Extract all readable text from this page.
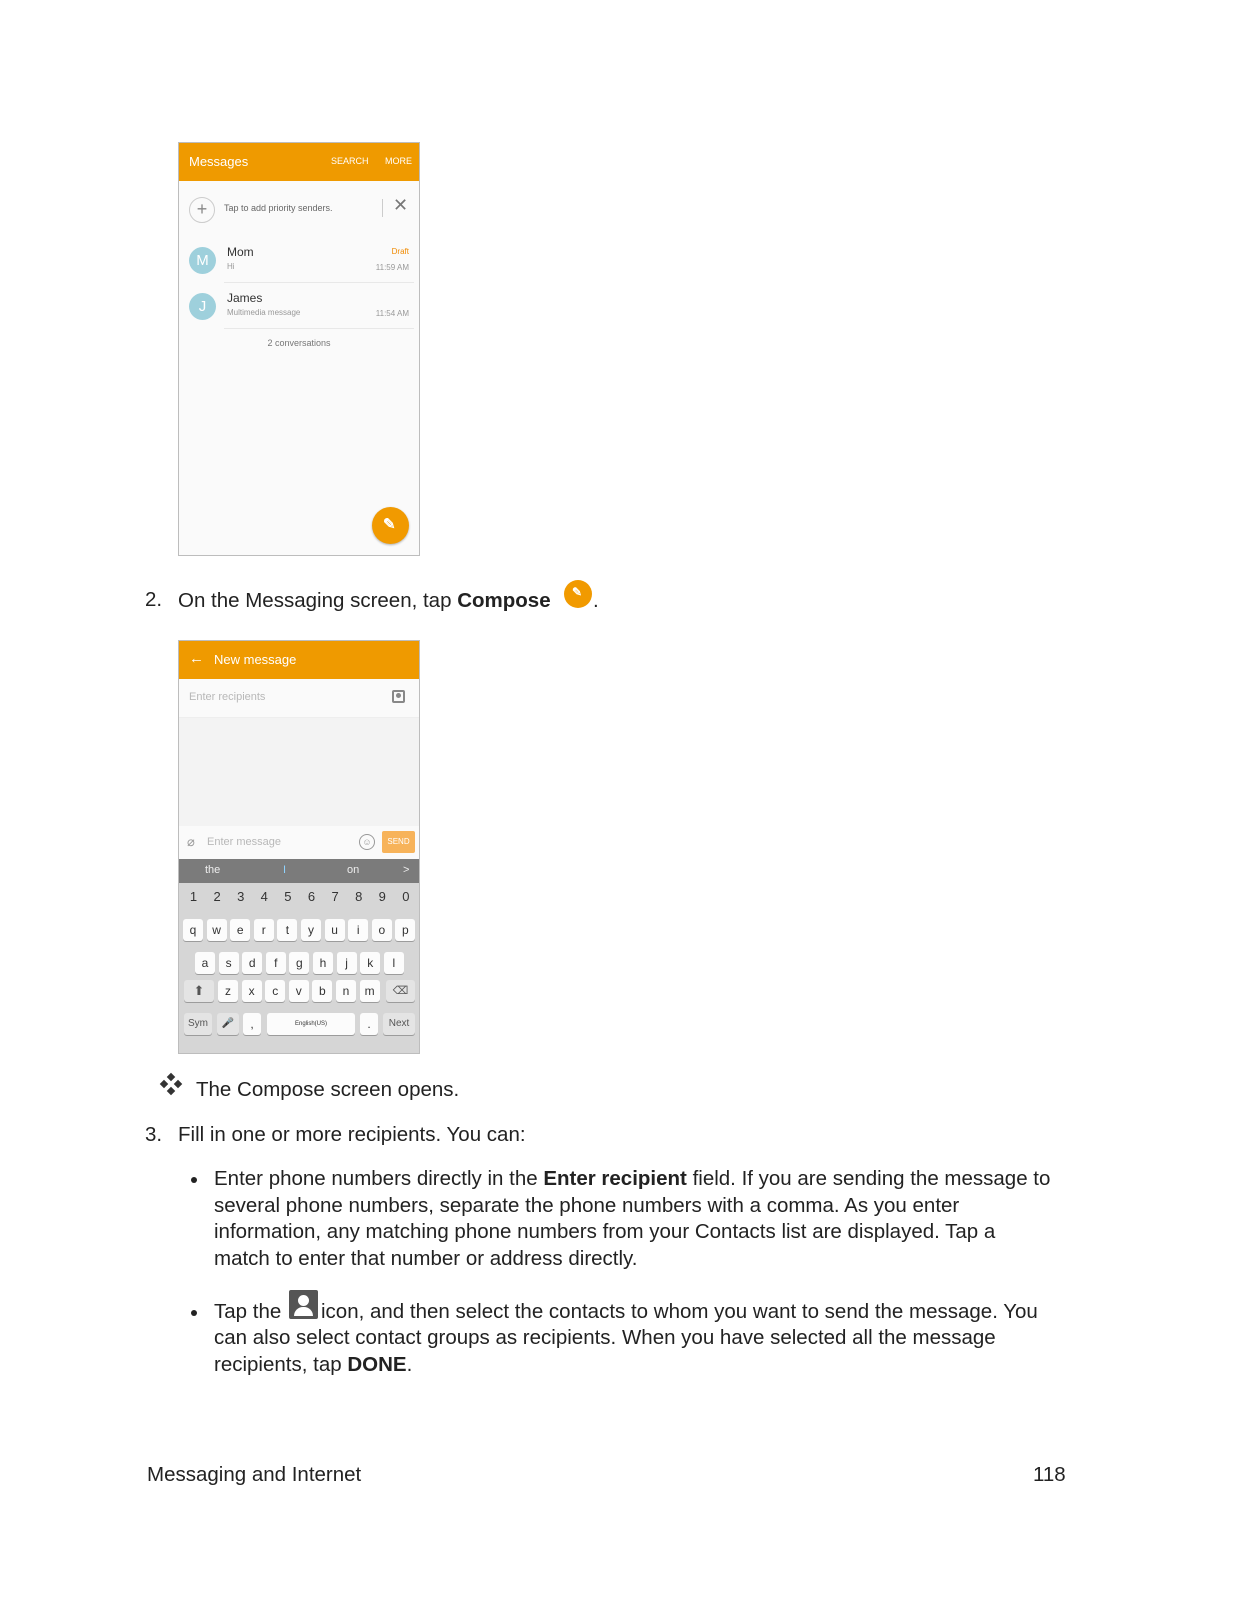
Messages	SEARCH MORE
+	Tap to add priority senders.	✕
M	Mom
Hi
Draft
11:59 AM
J	James
Multimedia message	11:54 AM
2 conversations
✎
2. On the Messaging screen, tap Compose ✎ .
← New message
Enter recipients
⌀ Enter message	☺	SEND
the	I	on	>
Sym	🎤	,	English(US)	.	Next
⬆	⌫
1	2	3	4	5	6	7	8	9	0
q	w	e	r	t	y	u	i	o	p
a	s	d	f	g	h	j	k	l
z	x	c	v	b	n	m
The Compose screen opens.
3. Fill in one or more recipients. You can:
Enter phone numbers directly in the Enter recipient field. If you are sending the message to
several phone numbers, separate the phone numbers with a comma. As you enter
information, any matching phone numbers from your Contacts list are displayed. Tap a
match to enter that number or address directly.
Tap the icon, and then select the contacts to whom you want to send the message. You
can also select contact groups as recipients. When you have selected all the message
recipients, tap DONE.
Messaging and Internet	118
